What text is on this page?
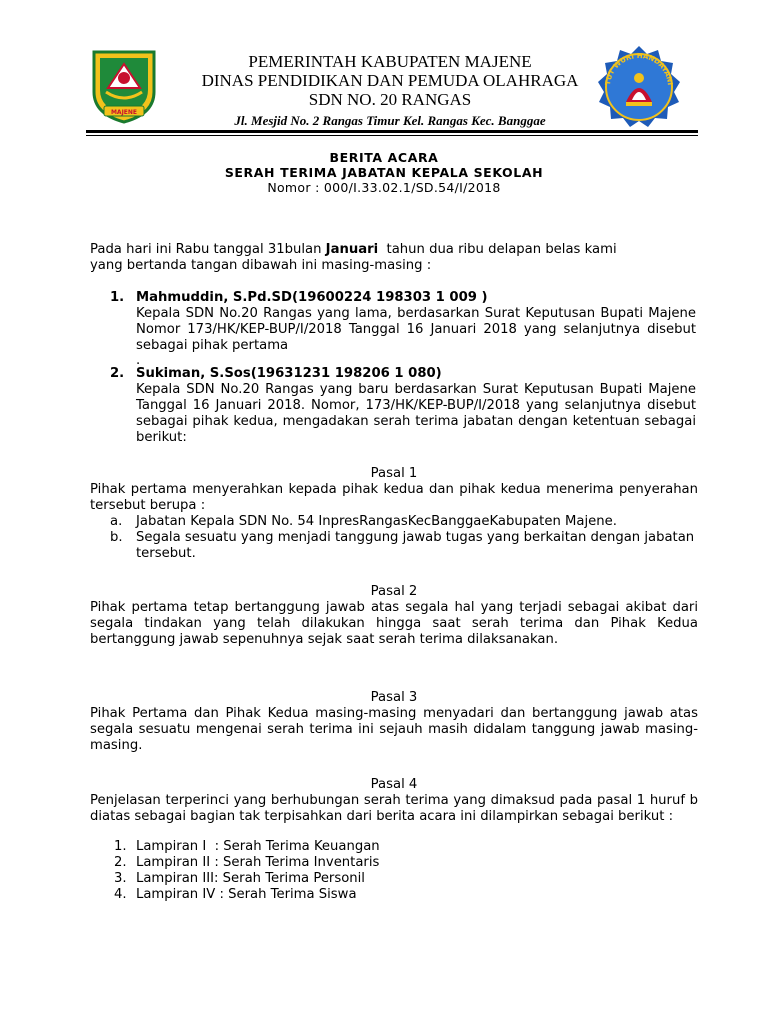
MAJENE
PEMERINTAH KABUPATEN MAJENE
DINAS PENDIDIKAN DAN PEMUDA OLAHRAGA
SDN NO. 20 RANGAS
Jl. Mesjid No. 2 Rangas Timur Kel. Rangas Kec. Banggae
TUT WURI HANDAYANI
BERITA ACARA
SERAH TERIMA JABATAN KEPALA SEKOLAH
Nomor : 000/I.33.02.1/SD.54/I/2018
Pada hari ini Rabu tanggal 31bulan Januari  tahun dua ribu delapan belas kami
yang bertanda tangan dibawah ini masing-masing :
1. Mahmuddin, S.Pd.SD(19600224 198303 1 009 )
Kepala SDN No.20 Rangas yang lama, berdasarkan Surat Keputusan Bupati Majene Nomor 173/HK/KEP-BUP/I/2018 Tanggal 16 Januari 2018 yang selanjutnya disebut sebagai pihak pertama
.
2. Sukiman, S.Sos(19631231 198206 1 080)
Kepala SDN No.20 Rangas yang baru berdasarkan Surat Keputusan Bupati Majene Tanggal 16 Januari 2018. Nomor, 173/HK/KEP-BUP/I/2018 yang selanjutnya disebut sebagai pihak kedua, mengadakan serah terima jabatan dengan ketentuan sebagai berikut:
Pasal 1
Pihak pertama menyerahkan kepada pihak kedua dan pihak kedua menerima penyerahan tersebut berupa :
a. Jabatan Kepala SDN No. 54 InpresRangasKecBanggaeKabupaten Majene.
b. Segala sesuatu yang menjadi tanggung jawab tugas yang berkaitan dengan jabatan tersebut.
Pasal 2
Pihak pertama tetap bertanggung jawab atas segala hal yang terjadi sebagai akibat dari segala tindakan yang telah dilakukan hingga saat serah terima dan Pihak Kedua bertanggung jawab sepenuhnya sejak saat serah terima dilaksanakan.
Pasal 3
Pihak Pertama dan Pihak Kedua masing-masing menyadari dan bertanggung jawab atas segala sesuatu mengenai serah terima ini sejauh masih didalam tanggung jawab masing-masing.
Pasal 4
Penjelasan terperinci yang berhubungan serah terima yang dimaksud pada pasal 1 huruf b diatas sebagai bagian tak terpisahkan dari berita acara ini dilampirkan sebagai berikut :
1. Lampiran I  : Serah Terima Keuangan
2. Lampiran II : Serah Terima Inventaris
3. Lampiran III: Serah Terima Personil
4. Lampiran IV : Serah Terima Siswa
